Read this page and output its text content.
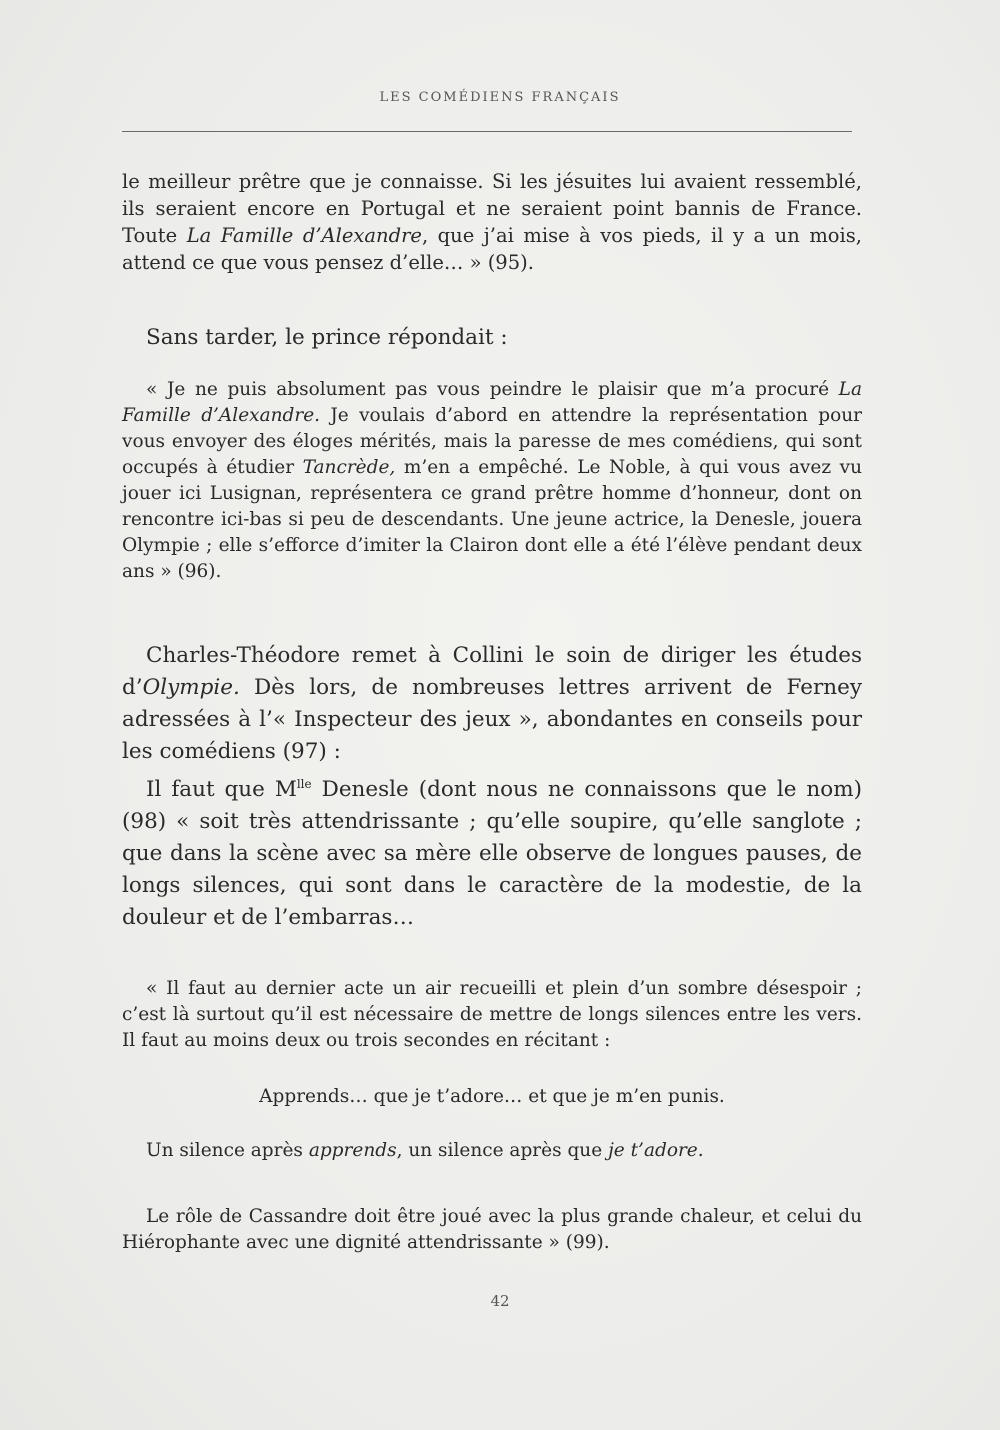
LES COMÉDIENS FRANÇAIS

le meilleur prêtre que je connaisse. Si les jésuites lui avaient ressemblé, ils seraient encore en Portugal et ne seraient point bannis de France. Toute La Famille d’Alexandre, que j’ai mise à vos pieds, il y a un mois, attend ce que vous pensez d’elle… » (95).

Sans tarder, le prince répondait :

« Je ne puis absolument pas vous peindre le plaisir que m’a procuré La Famille d’Alexandre. Je voulais d’abord en attendre la représentation pour vous envoyer des éloges mérités, mais la paresse de mes comédiens, qui sont occupés à étudier Tancrède, m’en a empêché. Le Noble, à qui vous avez vu jouer ici Lusignan, représentera ce grand prêtre homme d’honneur, dont on rencontre ici-bas si peu de descendants. Une jeune actrice, la Denesle, jouera Olympie ; elle s’efforce d’imiter la Clairon dont elle a été l’élève pendant deux ans » (96).

Charles-Théodore remet à Collini le soin de diriger les études d’Olympie. Dès lors, de nombreuses lettres arrivent de Ferney adressées à l’« Inspecteur des jeux », abondantes en conseils pour les comédiens (97) :

Il faut que $M^{lle}$ Denesle (dont nous ne connaissons que le nom) (98) « soit très attendrissante ; qu’elle soupire, qu’elle sanglote ; que dans la scène avec sa mère elle observe de longues pauses, de longs silences, qui sont dans le caractère de la modestie, de la douleur et de l’embarras…

« Il faut au dernier acte un air recueilli et plein d’un sombre désespoir ; c’est là surtout qu’il est nécessaire de mettre de longs silences entre les vers. Il faut au moins deux ou trois secondes en récitant :

Apprends… que je t’adore… et que je m’en punis.

Un silence après apprends, un silence après que je t’adore.

Le rôle de Cassandre doit être joué avec la plus grande chaleur, et celui du Hiérophante avec une dignité attendrissante » (99).

42
